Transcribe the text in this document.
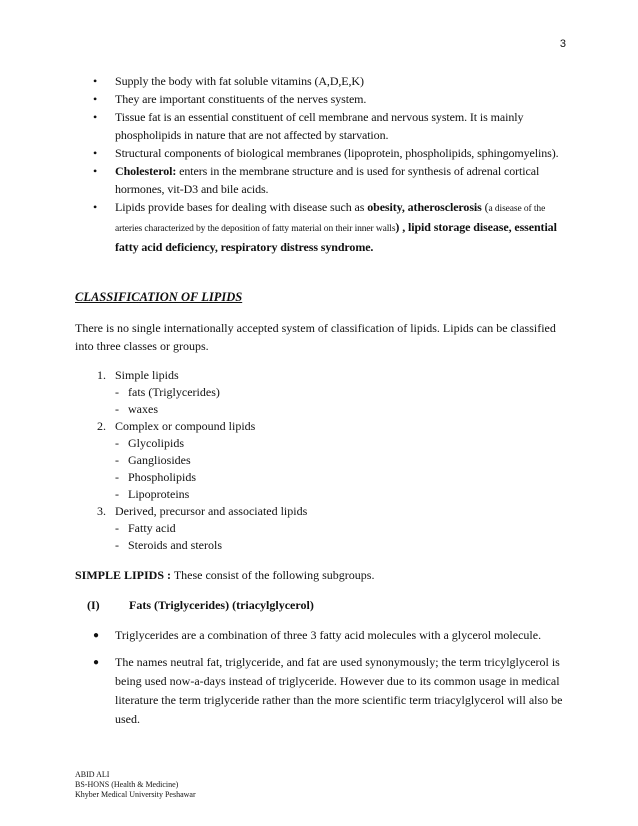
3
• Supply the body with fat soluble vitamins (A,D,E,K)
• They are important constituents of the nerves system.
• Tissue fat is an essential constituent of cell membrane and nervous system. It is mainly phospholipids in nature that are not affected by starvation.
• Structural components of biological membranes (lipoprotein, phospholipids, sphingomyelins).
• Cholesterol: enters in the membrane structure and is used for synthesis of adrenal cortical hormones, vit-D3 and bile acids.
• Lipids provide bases for dealing with disease such as obesity, atherosclerosis (a disease of the arteries characterized by the deposition of fatty material on their inner walls) , lipid storage disease, essential fatty acid deficiency, respiratory distress syndrome.
CLASSIFICATION OF LIPIDS

There is no single internationally accepted system of classification of lipids. Lipids can be classified into three classes or groups.

1. Simple lipids
- fats (Triglycerides)
- waxes
2. Complex or compound lipids
- Glycolipids
- Gangliosides
- Phospholipids
- Lipoproteins
3. Derived, precursor and associated lipids
- Fatty acid
- Steroids and sterols
SIMPLE LIPIDS : These consist of the following subgroups.
(I) Fats (Triglycerides) (triacylglycerol)
● Triglycerides are a combination of three 3 fatty acid molecules with a glycerol molecule.
● The names neutral fat, triglyceride, and fat are used synonymously; the term tricylglycerol is being used now-a-days instead of triglyceride. However due to its common usage in medical literature the term triglyceride rather than the more scientific term triacylglycerol will also be used.
ABID ALI
BS-HONS (Health & Medicine)
Khyber Medical University Peshawar
